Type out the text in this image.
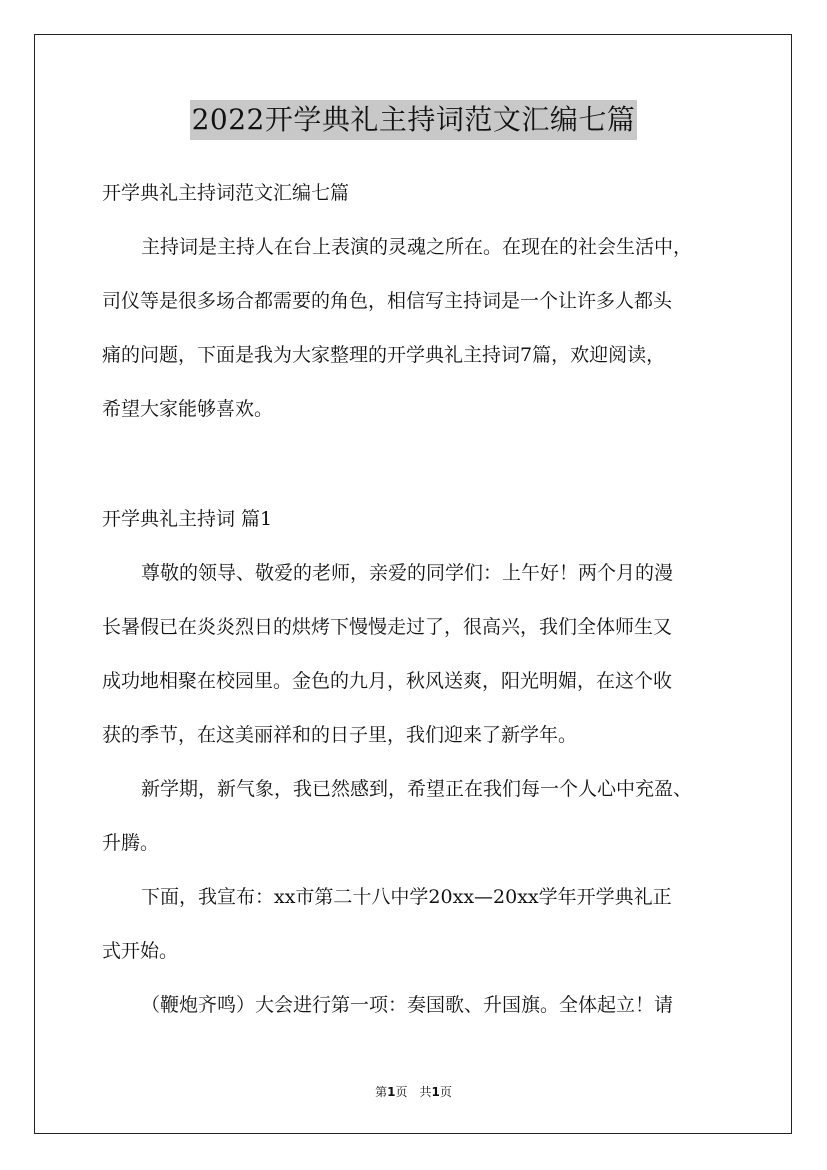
2022开学典礼主持词范文汇编七篇
开学典礼主持词范文汇编七篇
主持词是主持人在台上表演的灵魂之所在。在现在的社会生活中，
司仪等是很多场合都需要的角色，相信写主持词是一个让许多人都头
痛的问题，下面是我为大家整理的开学典礼主持词7篇，欢迎阅读，
希望大家能够喜欢。
开学典礼主持词 篇1
尊敬的领导、敬爱的老师，亲爱的同学们：上午好！两个月的漫
长暑假已在炎炎烈日的烘烤下慢慢走过了，很高兴，我们全体师生又
成功地相聚在校园里。金色的九月，秋风送爽，阳光明媚，在这个收
获的季节，在这美丽祥和的日子里，我们迎来了新学年。
新学期，新气象，我已然感到，希望正在我们每一个人心中充盈、
升腾。
下面，我宣布：xx市第二十八中学20xx—20xx学年开学典礼正
式开始。
（鞭炮齐鸣）大会进行第一项：奏国歌、升国旗。全体起立！请
第1页　共1页
